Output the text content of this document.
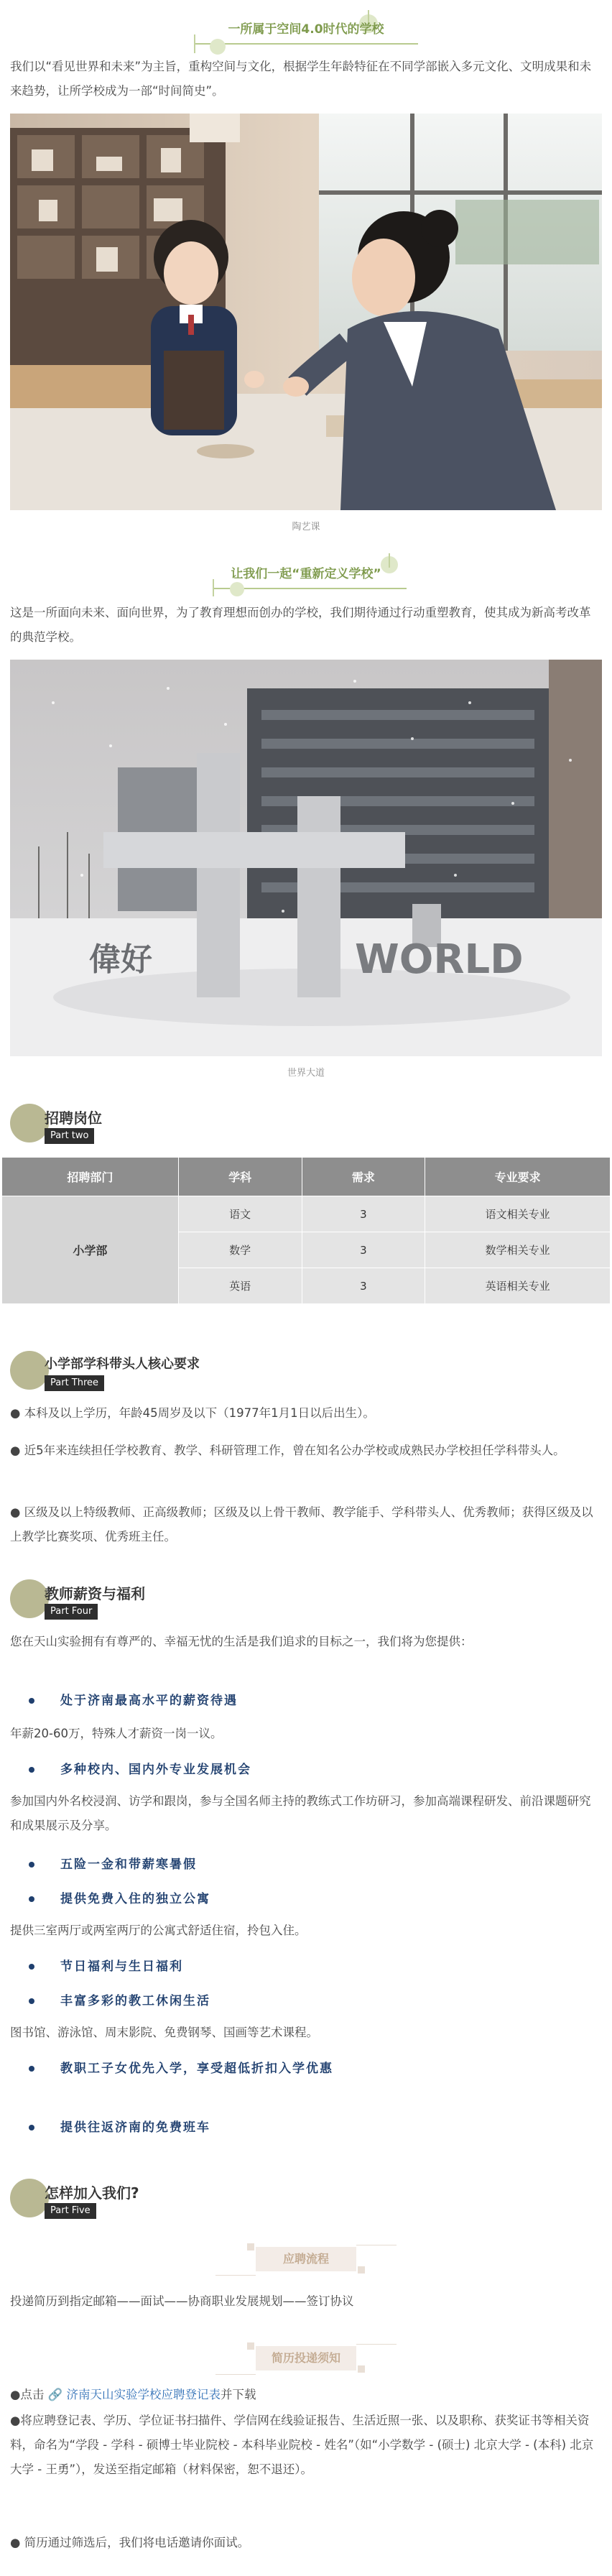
一所属于空间4.0时代的学校
我们以“看见世界和未来”为主旨，重构空间与文化，根据学生年龄特征在不同学部嵌入多元文化、文明成果和未来趋势，让所学校成为一部“时间简史”。
陶艺课
让我们一起“重新定义学校”
这是一所面向未来、面向世界，为了教育理想而创办的学校，我们期待通过行动重塑教育，使其成为新高考改革的典范学校。
偉好	WORLD
世界大道
招聘岗位
Part two
招聘部门	学科	需求	专业要求
小学部	语文	3	语文相关专业
	数学	3	数学相关专业
	英语	3	英语相关专业
小学部学科带头人核心要求
Part Three
● 本科及以上学历，年龄45周岁及以下（1977年1月1日以后出生）。
● 近5年来连续担任学校教育、教学、科研管理工作，曾在知名公办学校或成熟民办学校担任学科带头人。
● 区级及以上特级教师、正高级教师；区级及以上骨干教师、教学能手、学科带头人、优秀教师；获得区级及以上教学比赛奖项、优秀班主任。
教师薪资与福利
Part Four
您在天山实验拥有有尊严的、幸福无忧的生活是我们追求的目标之一，我们将为您提供：
处于济南最高水平的薪资待遇
年薪20-60万，特殊人才薪资一岗一议。
多种校内、国内外专业发展机会
参加国内外名校浸润、访学和跟岗，参与全国名师主持的教练式工作坊研习，参加高端课程研发、前沿课题研究和成果展示及分享。
五险一金和带薪寒暑假
提供免费入住的独立公寓
提供三室两厅或两室两厅的公寓式舒适住宿，拎包入住。
节日福利与生日福利
丰富多彩的教工休闲生活
图书馆、游泳馆、周末影院、免费钢琴、国画等艺术课程。
教职工子女优先入学，享受超低折扣入学优惠
提供往返济南的免费班车
怎样加入我们?
Part Five
应聘流程
投递简历到指定邮箱——面试——协商职业发展规划——签订协议
简历投递须知
●点击 🔗 济南天山实验学校应聘登记表并下载
●将应聘登记表、学历、学位证书扫描件、学信网在线验证报告、生活近照一张、以及职称、获奖证书等相关资料，命名为“学段 - 学科 - 硕博士毕业院校 - 本科毕业院校 - 姓名”（如“小学数学 - (硕士) 北京大学 - (本科) 北京大学 - 王勇”），发送至指定邮箱（材料保密，恕不退还）。
● 简历通过筛选后，我们将电话邀请你面试。
